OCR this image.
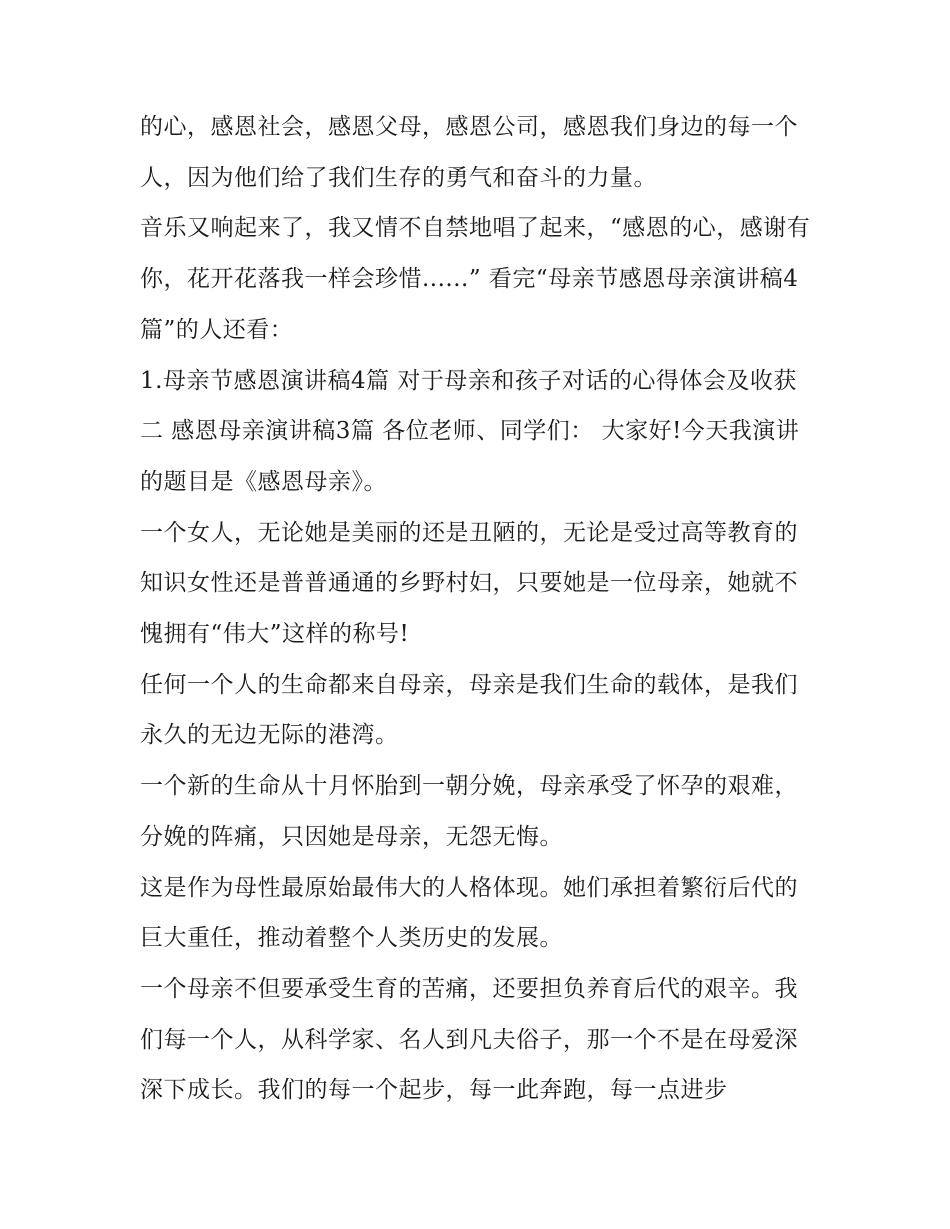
的心，感恩社会，感恩父母，感恩公司，感恩我们身边的每一个人，因为他们给了我们生存的勇气和奋斗的力量。

音乐又响起来了，我又情不自禁地唱了起来，“感恩的心，感谢有你，花开花落我一样会珍惜......” 看完“母亲节感恩母亲演讲稿4篇”的人还看：

1.母亲节感恩演讲稿4篇 对于母亲和孩子对话的心得体会及收获二 感恩母亲演讲稿3篇 各位老师、同学们： 大家好!今天我演讲的题目是《感恩母亲》。

一个女人，无论她是美丽的还是丑陋的，无论是受过高等教育的知识女性还是普普通通的乡野村妇，只要她是一位母亲，她就不愧拥有“伟大”这样的称号!

任何一个人的生命都来自母亲，母亲是我们生命的载体，是我们永久的无边无际的港湾。

一个新的生命从十月怀胎到一朝分娩，母亲承受了怀孕的艰难，分娩的阵痛，只因她是母亲，无怨无悔。

这是作为母性最原始最伟大的人格体现。她们承担着繁衍后代的巨大重任，推动着整个人类历史的发展。

一个母亲不但要承受生育的苦痛，还要担负养育后代的艰辛。我们每一个人，从科学家、名人到凡夫俗子，那一个不是在母爱深深下成长。我们的每一个起步，每一此奔跑，每一点进步
